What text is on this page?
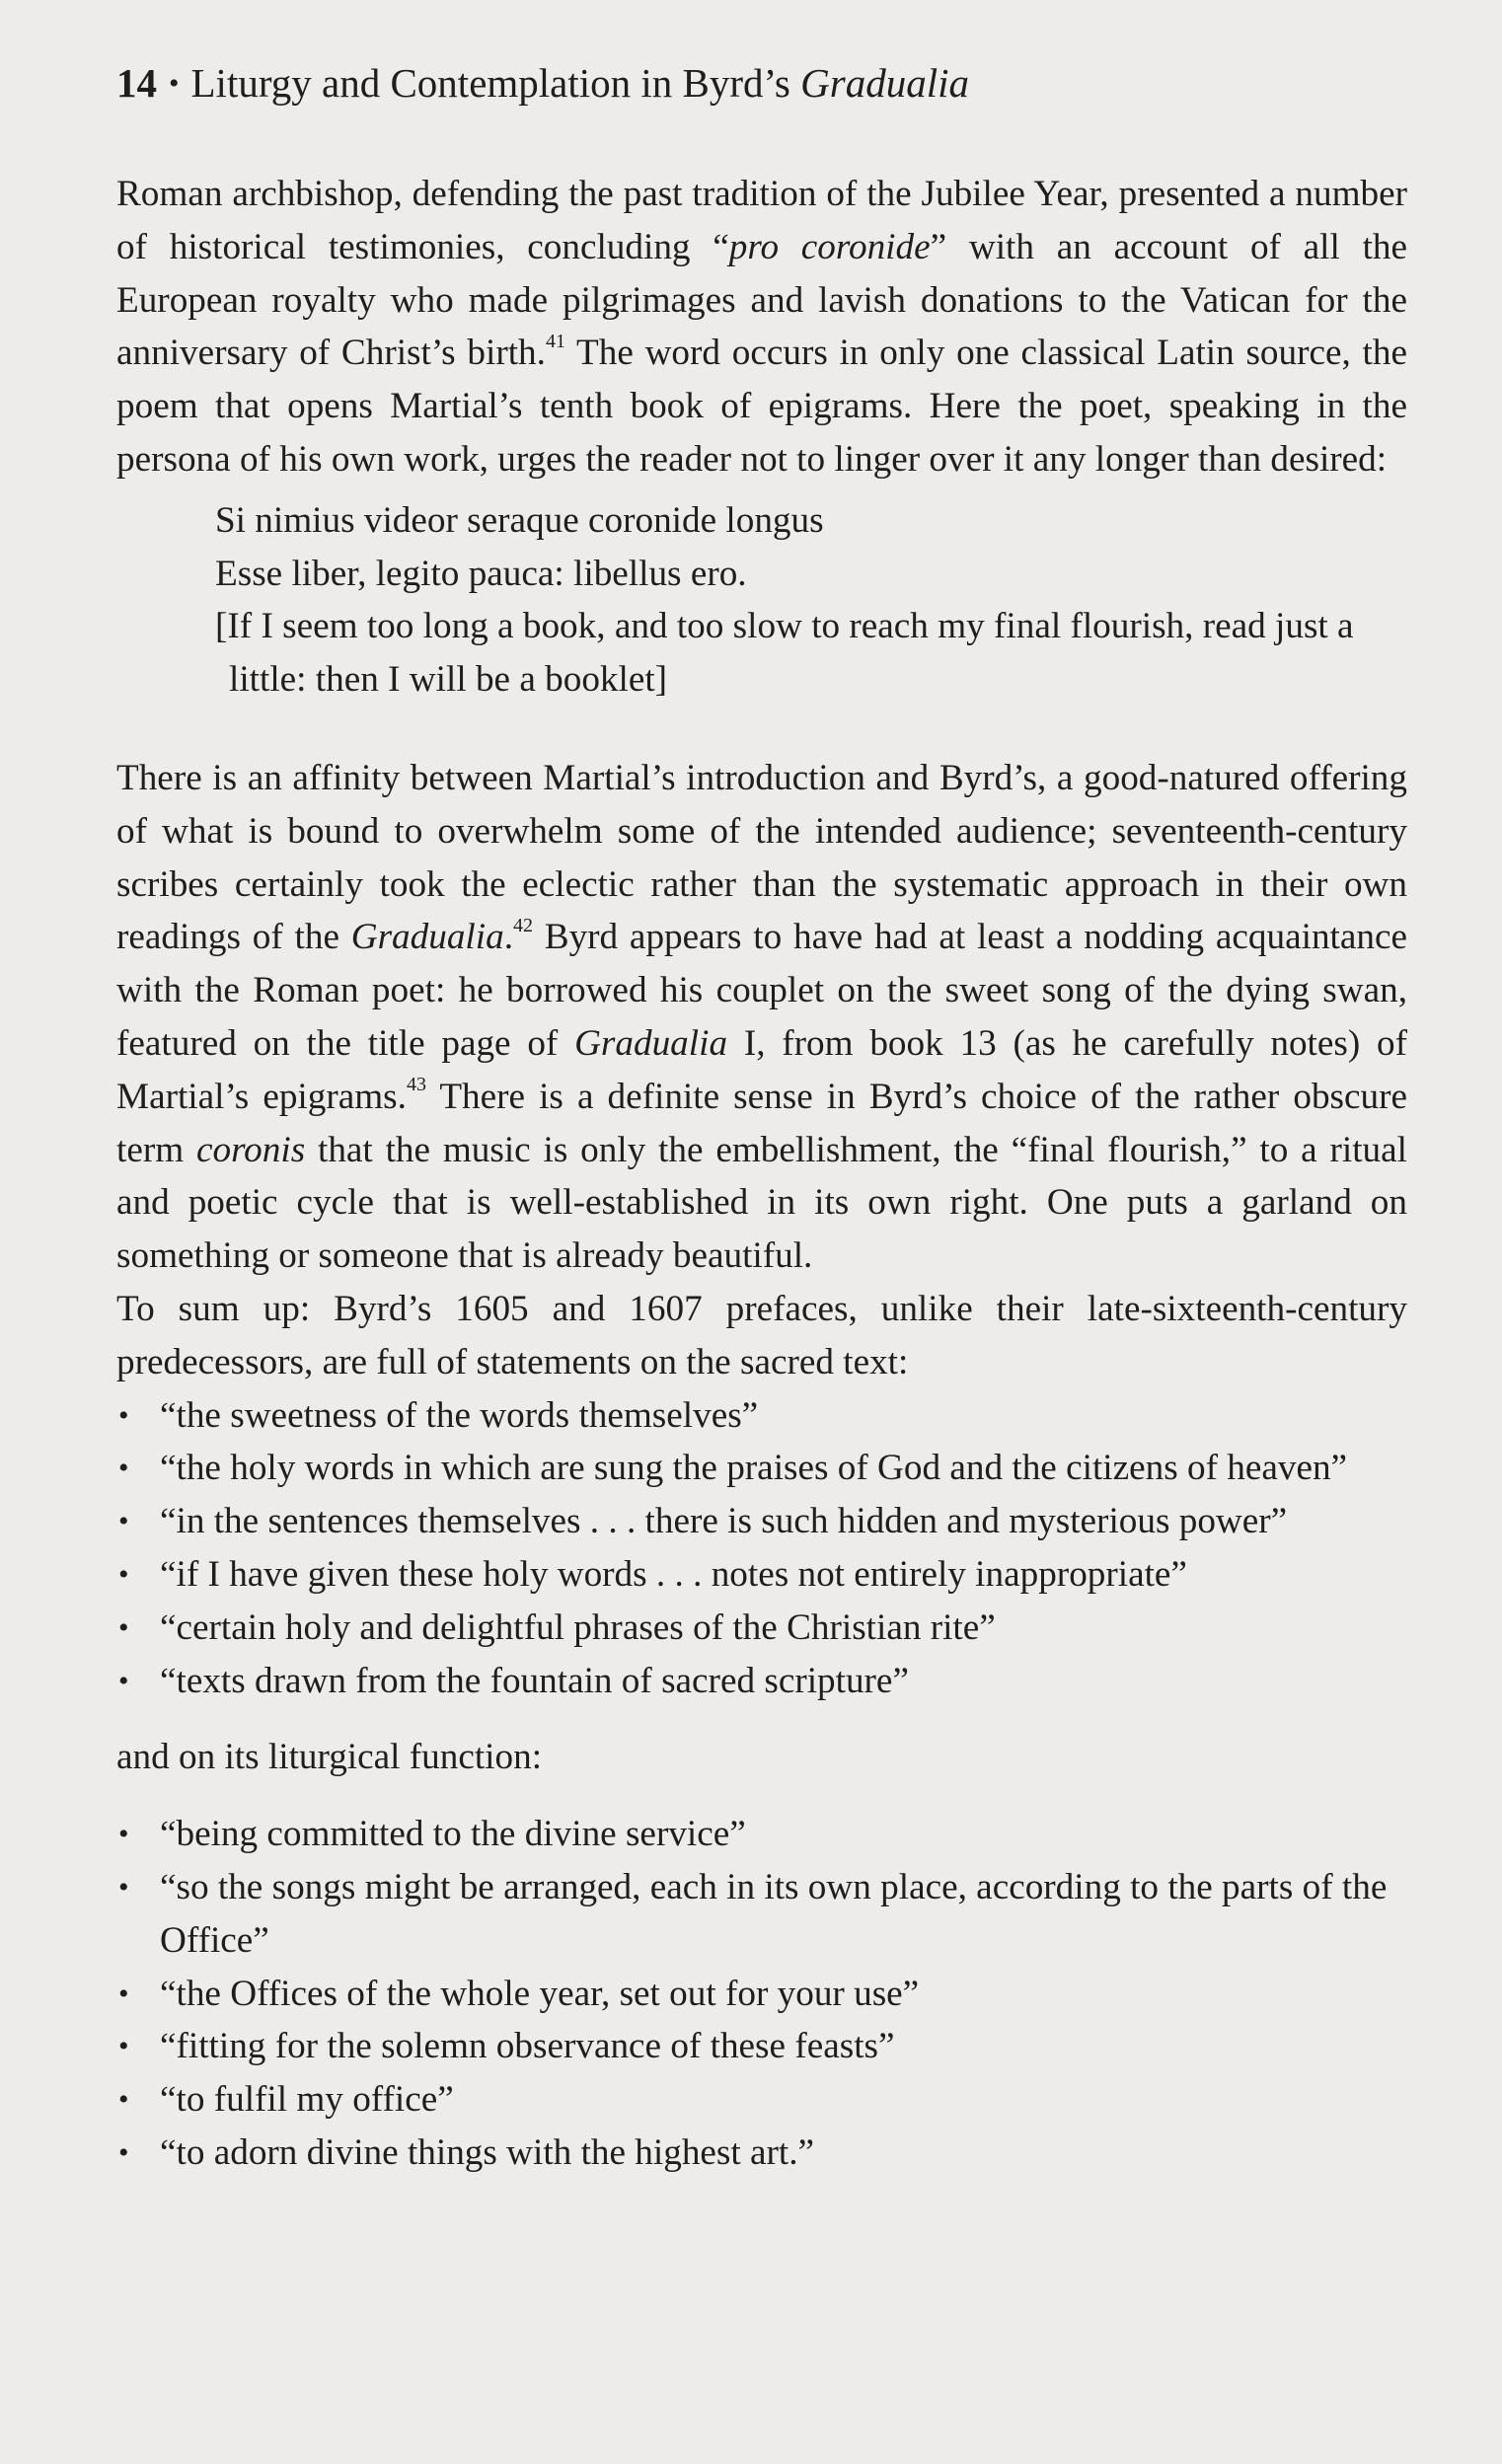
14 • Liturgy and Contemplation in Byrd’s Gradualia

Roman archbishop, defending the past tradition of the Jubilee Year, presented a number of historical testimonies, concluding “pro coronide” with an account of all the European royalty who made pilgrimages and lavish donations to the Vatican for the anniversary of Christ’s birth.$^{41}$ The word occurs in only one classical Latin source, the poem that opens Martial’s tenth book of epigrams. Here the poet, speaking in the persona of his own work, urges the reader not to linger over it any longer than desired:

Si nimius videor seraque coronide longus
Esse liber, legito pauca: libellus ero.
[If I seem too long a book, and too slow to reach my final flourish, read just a little: then I will be a booklet]

There is an affinity between Martial’s introduction and Byrd’s, a good-natured offering of what is bound to overwhelm some of the intended audience; seventeenth-century scribes certainly took the eclectic rather than the systematic approach in their own readings of the Gradualia.$^{42}$ Byrd appears to have had at least a nodding acquaintance with the Roman poet: he borrowed his couplet on the sweet song of the dying swan, featured on the title page of Gradualia I, from book 13 (as he carefully notes) of Martial’s epigrams.$^{43}$ There is a definite sense in Byrd’s choice of the rather obscure term coronis that the music is only the embellishment, the “final flourish,” to a ritual and poetic cycle that is well-established in its own right. One puts a garland on something or someone that is already beautiful.

To sum up: Byrd’s 1605 and 1607 prefaces, unlike their late-sixteenth-century predecessors, are full of statements on the sacred text:

• “the sweetness of the words themselves”
• “the holy words in which are sung the praises of God and the citizens of heaven”
• “in the sentences themselves . . . there is such hidden and mysterious power”
• “if I have given these holy words . . . notes not entirely inappropriate”
• “certain holy and delightful phrases of the Christian rite”
• “texts drawn from the fountain of sacred scripture”

and on its liturgical function:

• “being committed to the divine service”
• “so the songs might be arranged, each in its own place, according to the parts of the Office”
• “the Offices of the whole year, set out for your use”
• “fitting for the solemn observance of these feasts”
• “to fulfil my office”
• “to adorn divine things with the highest art.”
